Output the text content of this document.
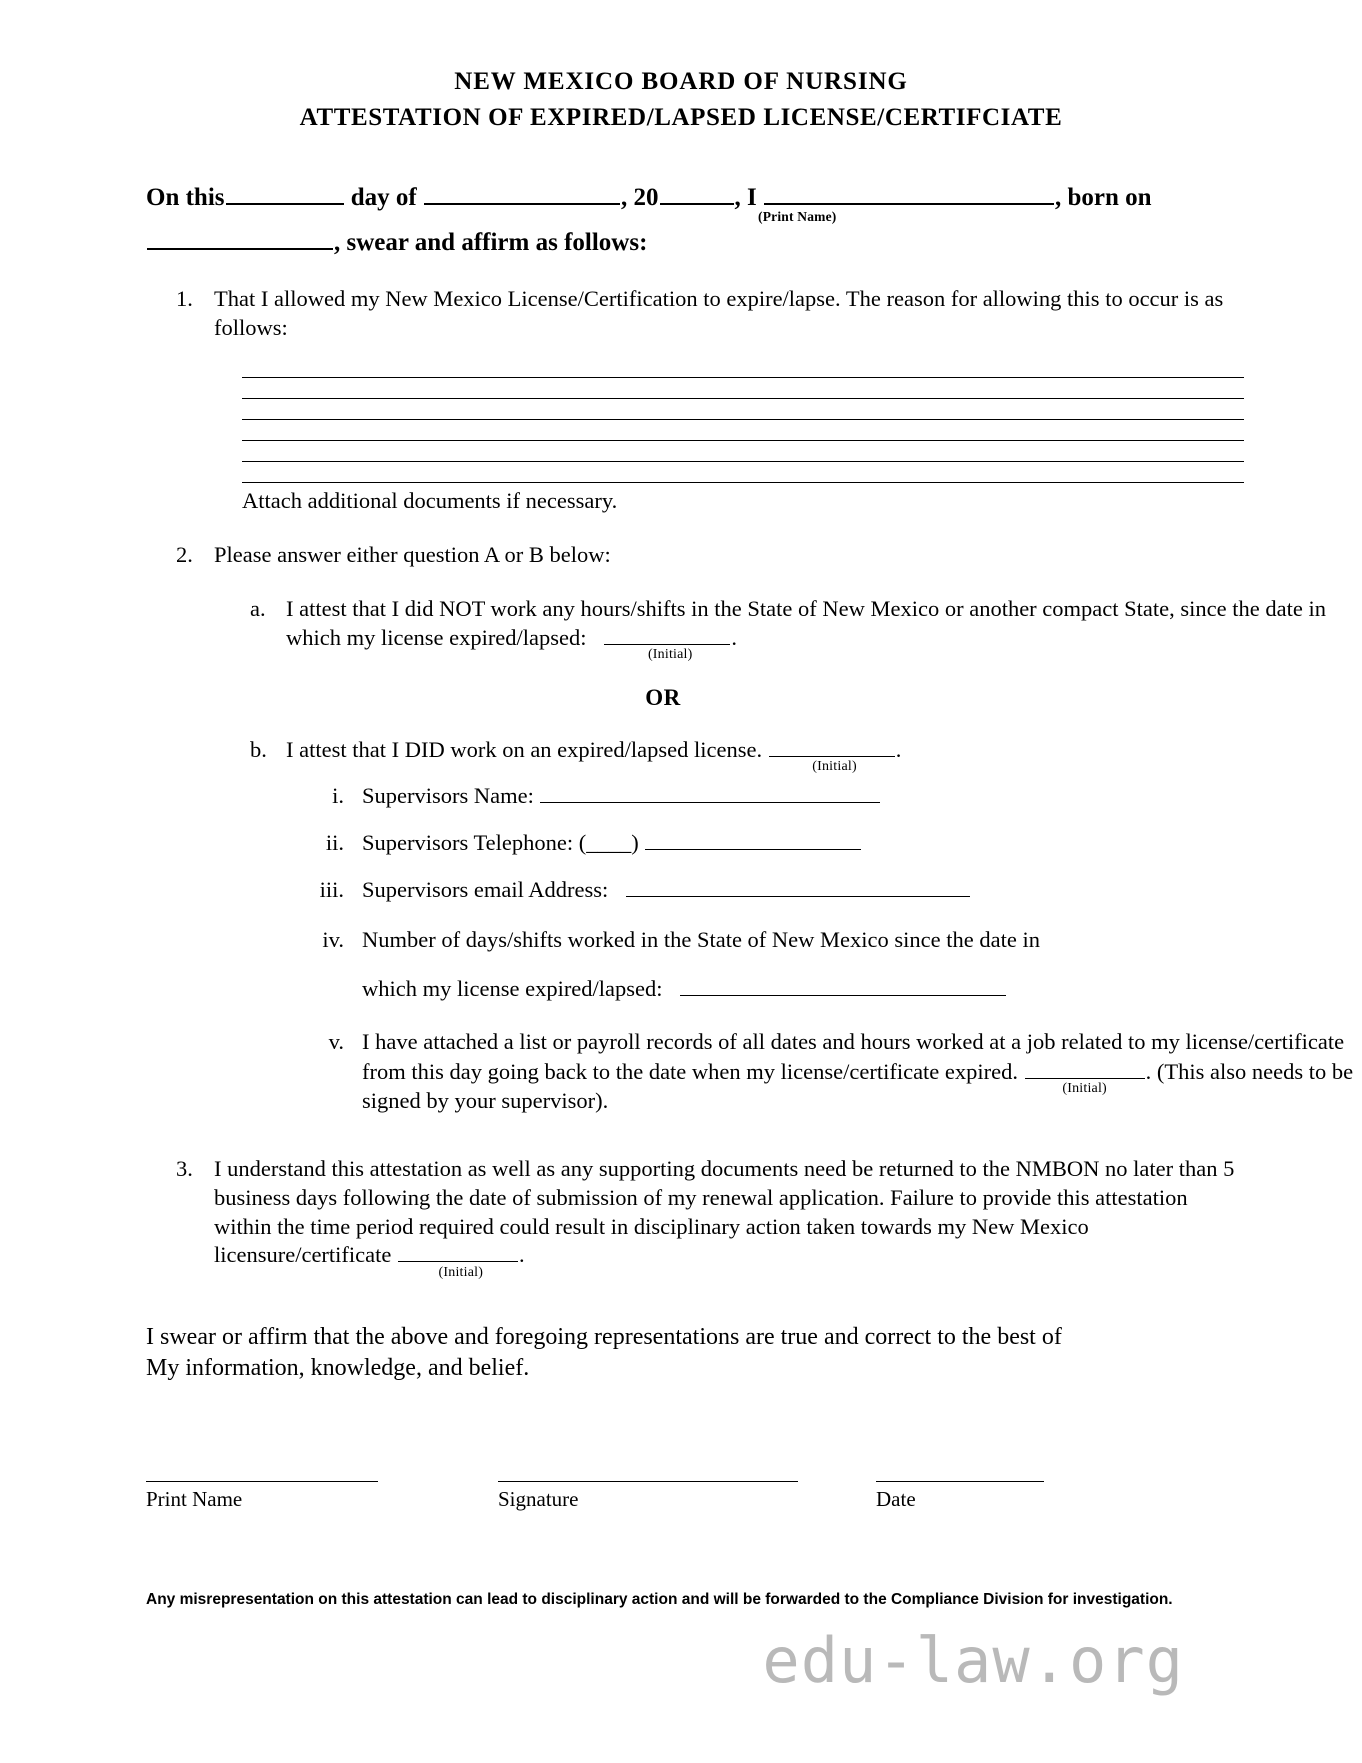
NEW MEXICO BOARD OF NURSING
ATTESTATION OF EXPIRED/LAPSED LICENSE/CERTIFCIATE
On this	day of	, 20	, I	, born on
(Print Name)
, swear and affirm as follows:
1. That I allowed my New Mexico License/Certification to expire/lapse. The reason for allowing this to occur is as follows:
Attach additional documents if necessary.
2. Please answer either question A or B below:
a. I attest that I did NOT work any hours/shifts in the State of New Mexico or another compact State, since the date in which my license expired/lapsed:	.
(Initial)
OR
b. I attest that I DID work on an expired/lapsed license.	.
(Initial)
i. Supervisors Name:
ii. Supervisors Telephone: (____)
iii. Supervisors email Address:
iv. Number of days/shifts worked in the State of New Mexico since the date in
which my license expired/lapsed:
v. I have attached a list or payroll records of all dates and hours worked at a job related to my license/certificate from this day going back to the date when my license/certificate expired.
(Initial)
. (This also needs to be signed by your supervisor).
3. I understand this attestation as well as any supporting documents need be returned to the NMBON no later than 5 business days following the date of submission of my renewal application. Failure to provide this attestation within the time period required could result in disciplinary action taken towards my New Mexico licensure/certificate	.
(Initial)
I swear or affirm that the above and foregoing representations are true and correct to the best of
My information, knowledge, and belief.
Print Name	Signature	Date
Any misrepresentation on this attestation can lead to disciplinary action and will be forwarded to the Compliance Division for investigation.
edu-law.org
